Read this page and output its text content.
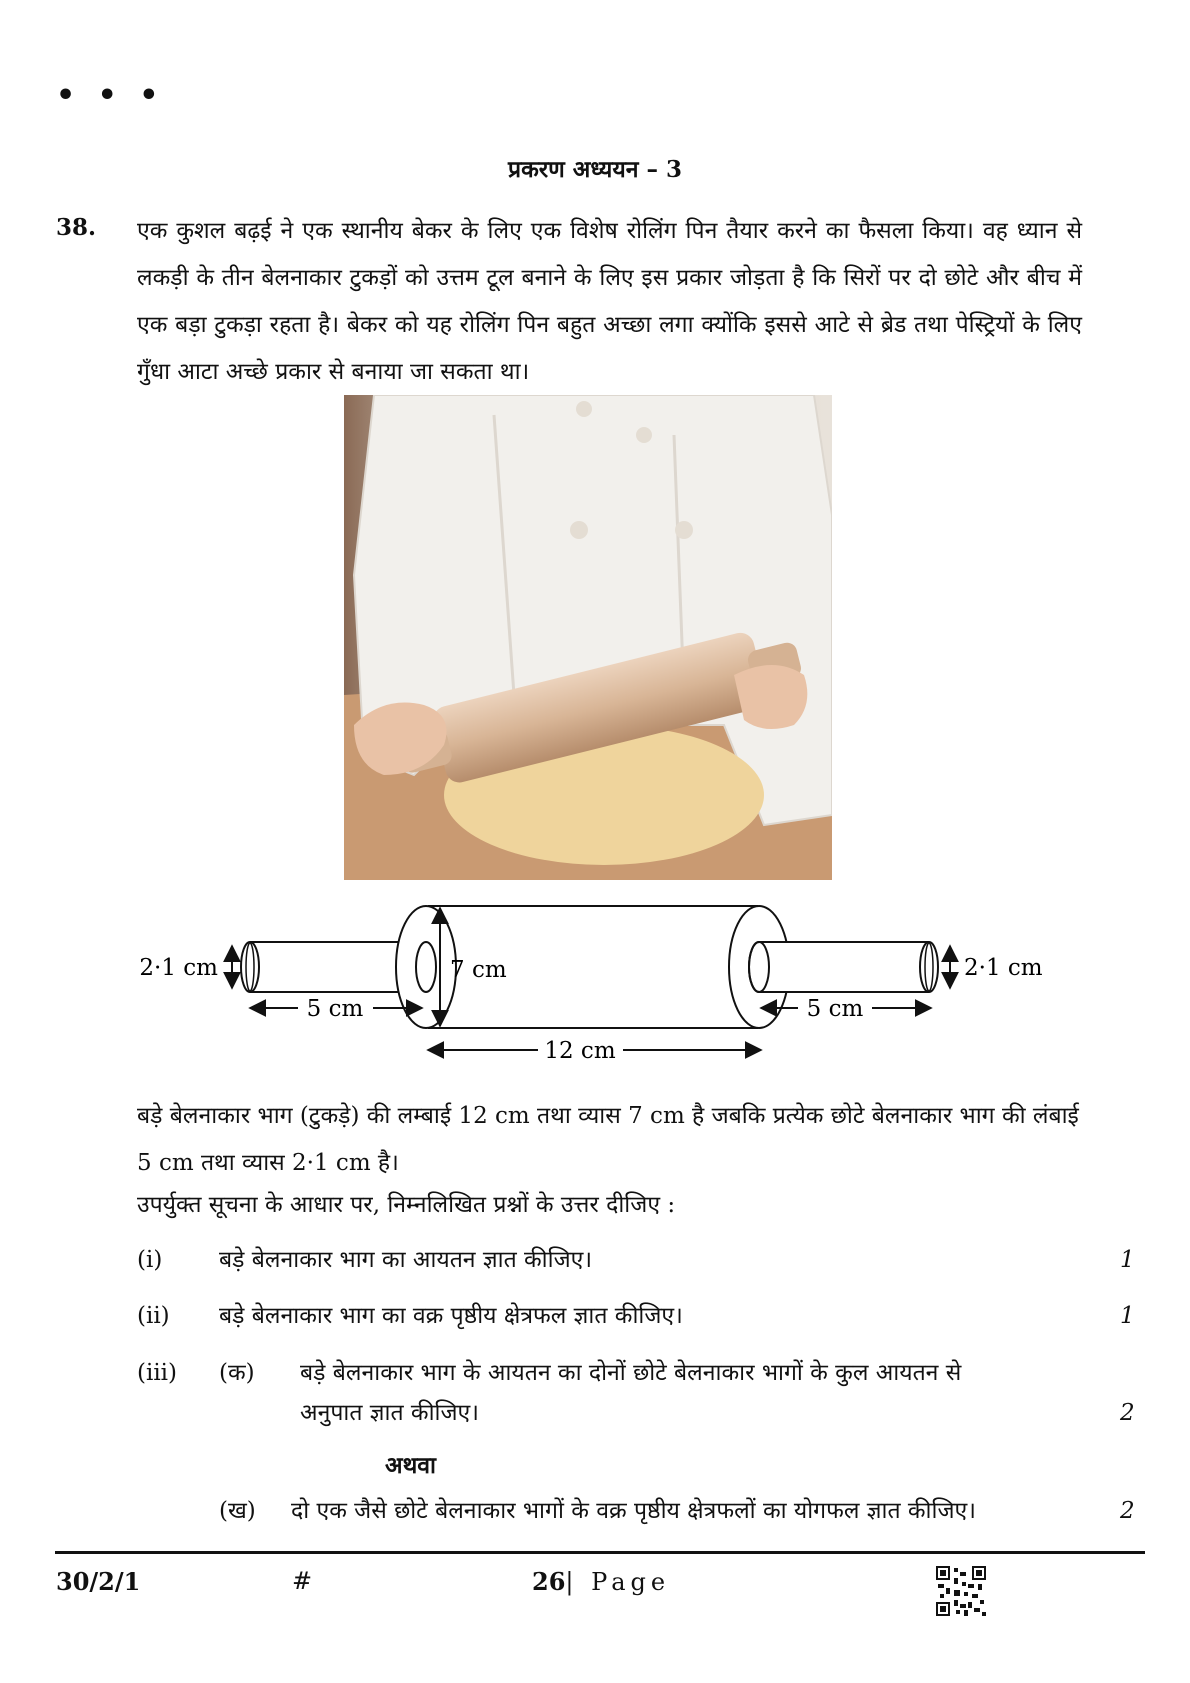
• • •
प्रकरण अध्ययन – 3
38. एक कुशल बढ़ई ने एक स्थानीय बेकर के लिए एक विशेष रोलिंग पिन तैयार करने का फैसला किया। वह ध्यान से लकड़ी के तीन बेलनाकार टुकड़ों को उत्तम टूल बनाने के लिए इस प्रकार जोड़ता है कि सिरों पर दो छोटे और बीच में एक बड़ा टुकड़ा रहता है। बेकर को यह रोलिंग पिन बहुत अच्छा लगा क्योंकि इससे आटे से ब्रेड तथा पेस्ट्रियों के लिए गुँधा आटा अच्छे प्रकार से बनाया जा सकता था।
2·1 cm	2·1 cm
7 cm
5 cm	5 cm
12 cm
बड़े बेलनाकार भाग (टुकड़े) की लम्बाई 12 cm तथा व्यास 7 cm है जबकि प्रत्येक छोटे बेलनाकार भाग की लंबाई 5 cm तथा व्यास 2·1 cm है।
उपर्युक्त सूचना के आधार पर, निम्नलिखित प्रश्नों के उत्तर दीजिए :
(i) बड़े बेलनाकार भाग का आयतन ज्ञात कीजिए।	1
(ii) बड़े बेलनाकार भाग का वक्र पृष्ठीय क्षेत्रफल ज्ञात कीजिए।	1
(iii) (क) बड़े बेलनाकार भाग के आयतन का दोनों छोटे बेलनाकार भागों के कुल आयतन से
अनुपात ज्ञात कीजिए।	2
अथवा
(ख) दो एक जैसे छोटे बेलनाकार भागों के वक्र पृष्ठीय क्षेत्रफलों का योगफल ज्ञात कीजिए।	2
30/2/1	#	26| Page
